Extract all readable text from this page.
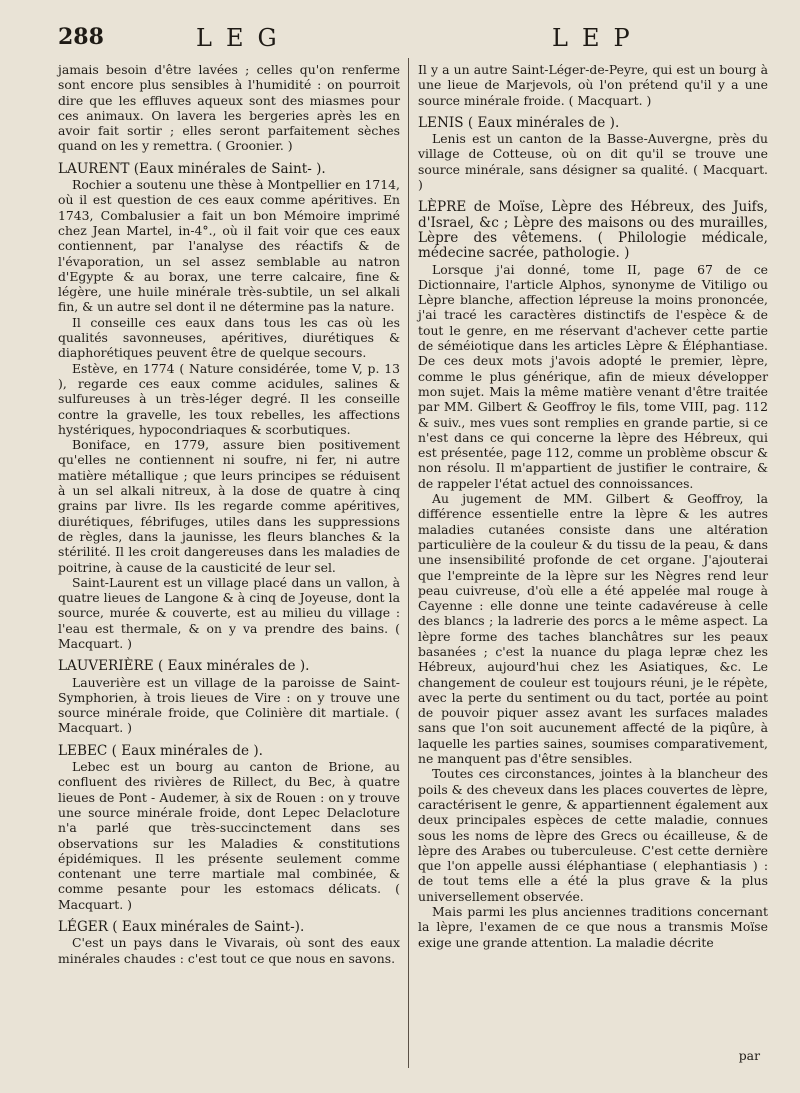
288	LEG	LEP

jamais besoin d'être lavées ; celles qu'on renferme sont encore plus sensibles à l'humidité : on pourroit dire que les effluves aqueux sont des miasmes pour ces animaux. On lavera les bergeries après les en avoir fait sortir ; elles seront parfaitement sèches quand on les y remettra. ( Groonier. )

LAURENT (Eaux minérales de Saint- ).

Rochier a soutenu une thèse à Montpellier en 1714, où il est question de ces eaux comme apéritives. En 1743, Combalusier a fait un bon Mémoire imprimé chez Jean Martel, in-4°., où il fait voir que ces eaux contiennent, par l'analyse des réactifs & de l'évaporation, un sel assez semblable au natron d'Egypte & au borax, une terre calcaire, fine & légère, une huile minérale très-subtile, un sel alkali fin, & un autre sel dont il ne détermine pas la nature.

Il conseille ces eaux dans tous les cas où les qualités savonneuses, apéritives, diurétiques & diaphorétiques peuvent être de quelque secours.

Estève, en 1774 ( Nature considérée, tome V, p. 13 ), regarde ces eaux comme acidules, salines & sulfureuses à un très-léger degré. Il les conseille contre la gravelle, les toux rebelles, les affections hystériques, hypocondriaques & scorbutiques.

Boniface, en 1779, assure bien positivement qu'elles ne contiennent ni soufre, ni fer, ni autre matière métallique ; que leurs principes se réduisent à un sel alkali nitreux, à la dose de quatre à cinq grains par livre. Ils les regarde comme apéritives, diurétiques, fébrifuges, utiles dans les suppressions de règles, dans la jaunisse, les fleurs blanches & la stérilité. Il les croit dangereuses dans les maladies de poitrine, à cause de la causticité de leur sel.

Saint-Laurent est un village placé dans un vallon, à quatre lieues de Langone & à cinq de Joyeuse, dont la source, murée & couverte, est au milieu du village : l'eau est thermale, & on y va prendre des bains. ( Macquart. )

LAUVERIÈRE ( Eaux minérales de ).

Lauverière est un village de la paroisse de Saint-Symphorien, à trois lieues de Vire : on y trouve une source minérale froide, que Colinière dit martiale. ( Macquart. )

LEBEC ( Eaux minérales de ).

Lebec est un bourg au canton de Brione, au confluent des rivières de Rillect, du Bec, à quatre lieues de Pont - Audemer, à six de Rouen : on y trouve une source minérale froide, dont Lepec Delacloture n'a parlé que très-succinctement dans ses observations sur les Maladies & constitutions épidémiques. Il les présente seulement comme contenant une terre martiale mal combinée, & comme pesante pour les estomacs délicats. ( Macquart. )

LÉGER ( Eaux minérales de Saint-).

C'est un pays dans le Vivarais, où sont des eaux minérales chaudes : c'est tout ce que nous en savons.

Il y a un autre Saint-Léger-de-Peyre, qui est un bourg à une lieue de Marjevols, où l'on prétend qu'il y a une source minérale froide. ( Macquart. )

LENIS ( Eaux minérales de ).

Lenis est un canton de la Basse-Auvergne, près du village de Cotteuse, où on dit qu'il se trouve une source minérale, sans désigner sa qualité. ( Macquart. )

LÈPRE de Moïse, Lèpre des Hébreux, des Juifs, d'Israel, &c ; Lèpre des maisons ou des murailles, Lèpre des vêtemens. ( Philologie médicale, médecine sacrée, pathologie. )

Lorsque j'ai donné, tome II, page 67 de ce Dictionnaire, l'article Alphos, synonyme de Vitiligo ou Lèpre blanche, affection lépreuse la moins prononcée, j'ai tracé les caractères distinctifs de l'espèce & de tout le genre, en me réservant d'achever cette partie de séméiotique dans les articles Lèpre & Éléphantiase. De ces deux mots j'avois adopté le premier, lèpre, comme le plus générique, afin de mieux développer mon sujet. Mais la même matière venant d'être traitée par MM. Gilbert & Geoffroy le fils, tome VIII, pag. 112 & suiv., mes vues sont remplies en grande partie, si ce n'est dans ce qui concerne la lèpre des Hébreux, qui est présentée, page 112, comme un problème obscur & non résolu. Il m'appartient de justifier le contraire, & de rappeler l'état actuel des connoissances.

Au jugement de MM. Gilbert & Geoffroy, la différence essentielle entre la lèpre & les autres maladies cutanées consiste dans une altération particulière de la couleur & du tissu de la peau, & dans une insensibilité profonde de cet organe. J'ajouterai que l'empreinte de la lèpre sur les Nègres rend leur peau cuivreuse, d'où elle a été appelée mal rouge à Cayenne : elle donne une teinte cadavéreuse à celle des blancs ; la ladrerie des porcs a le même aspect. La lèpre forme des taches blanchâtres sur les peaux basanées ; c'est la nuance du plaga lepræ chez les Hébreux, aujourd'hui chez les Asiatiques, &c. Le changement de couleur est toujours réuni, je le répète, avec la perte du sentiment ou du tact, portée au point de pouvoir piquer assez avant les surfaces malades sans que l'on soit aucunement affecté de la piqûre, à laquelle les parties saines, soumises comparativement, ne manquent pas d'être sensibles.

Toutes ces circonstances, jointes à la blancheur des poils & des cheveux dans les places couvertes de lèpre, caractérisent le genre, & appartiennent également aux deux principales espèces de cette maladie, connues sous les noms de lèpre des Grecs ou écailleuse, & de lèpre des Arabes ou tuberculeuse. C'est cette dernière que l'on appelle aussi éléphantiase ( elephantiasis ) : de tout tems elle a été la plus grave & la plus universellement observée.

Mais parmi les plus anciennes traditions concernant la lèpre, l'examen de ce que nous a transmis Moïse exige une grande attention. La maladie décrite

par
